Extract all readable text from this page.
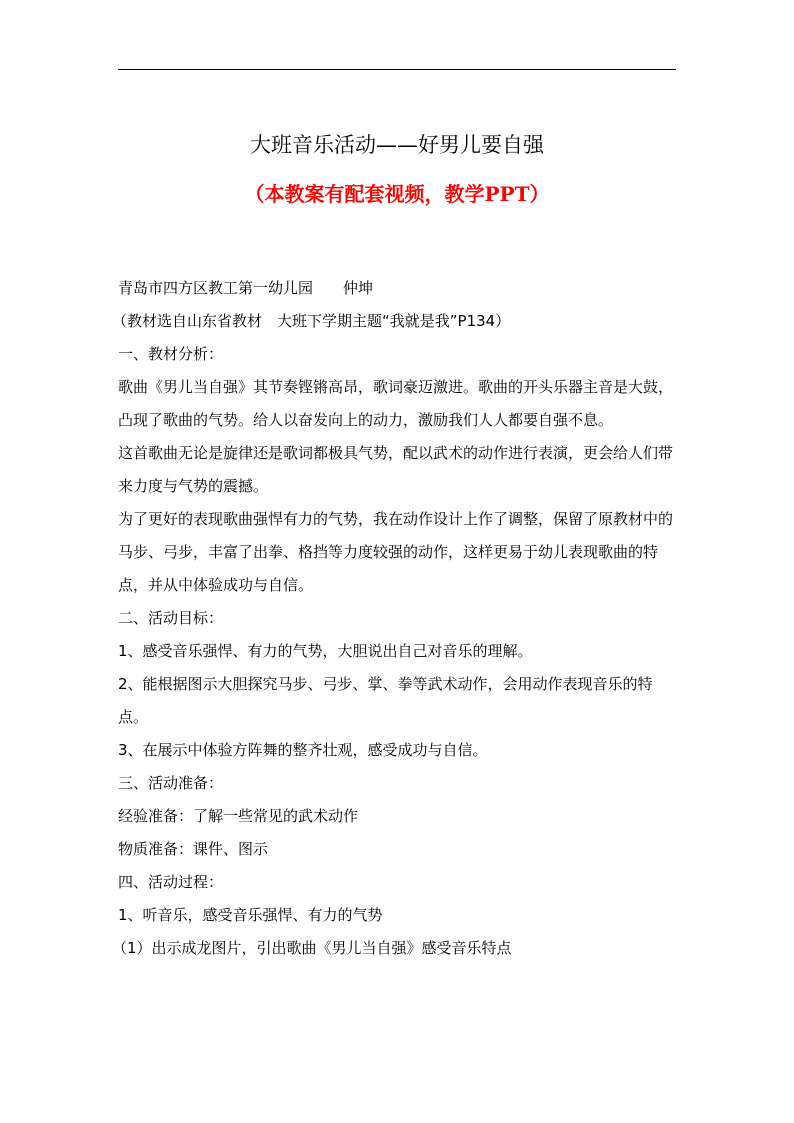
大班音乐活动——好男儿要自强
（本教案有配套视频，教学PPT）

青岛市四方区教工第一幼儿园 仲坤

（教材选自山东省教材　大班下学期主题“我就是我”P134）

一、教材分析：

歌曲《男儿当自强》其节奏铿锵高昂，歌词豪迈激进。歌曲的开头乐器主音是大鼓，凸现了歌曲的气势。给人以奋发向上的动力，激励我们人人都要自强不息。

这首歌曲无论是旋律还是歌词都极具气势，配以武术的动作进行表演，更会给人们带来力度与气势的震撼。

为了更好的表现歌曲强悍有力的气势，我在动作设计上作了调整，保留了原教材中的马步、弓步，丰富了出拳、格挡等力度较强的动作，这样更易于幼儿表现歌曲的特点，并从中体验成功与自信。

二、活动目标：

1、感受音乐强悍、有力的气势，大胆说出自己对音乐的理解。

2、能根据图示大胆探究马步、弓步、掌、拳等武术动作，会用动作表现音乐的特点。

3、在展示中体验方阵舞的整齐壮观，感受成功与自信。

三、活动准备：

经验准备：了解一些常见的武术动作

物质准备：课件、图示

四、活动过程：

1、听音乐，感受音乐强悍、有力的气势

（1）出示成龙图片，引出歌曲《男儿当自强》感受音乐特点
